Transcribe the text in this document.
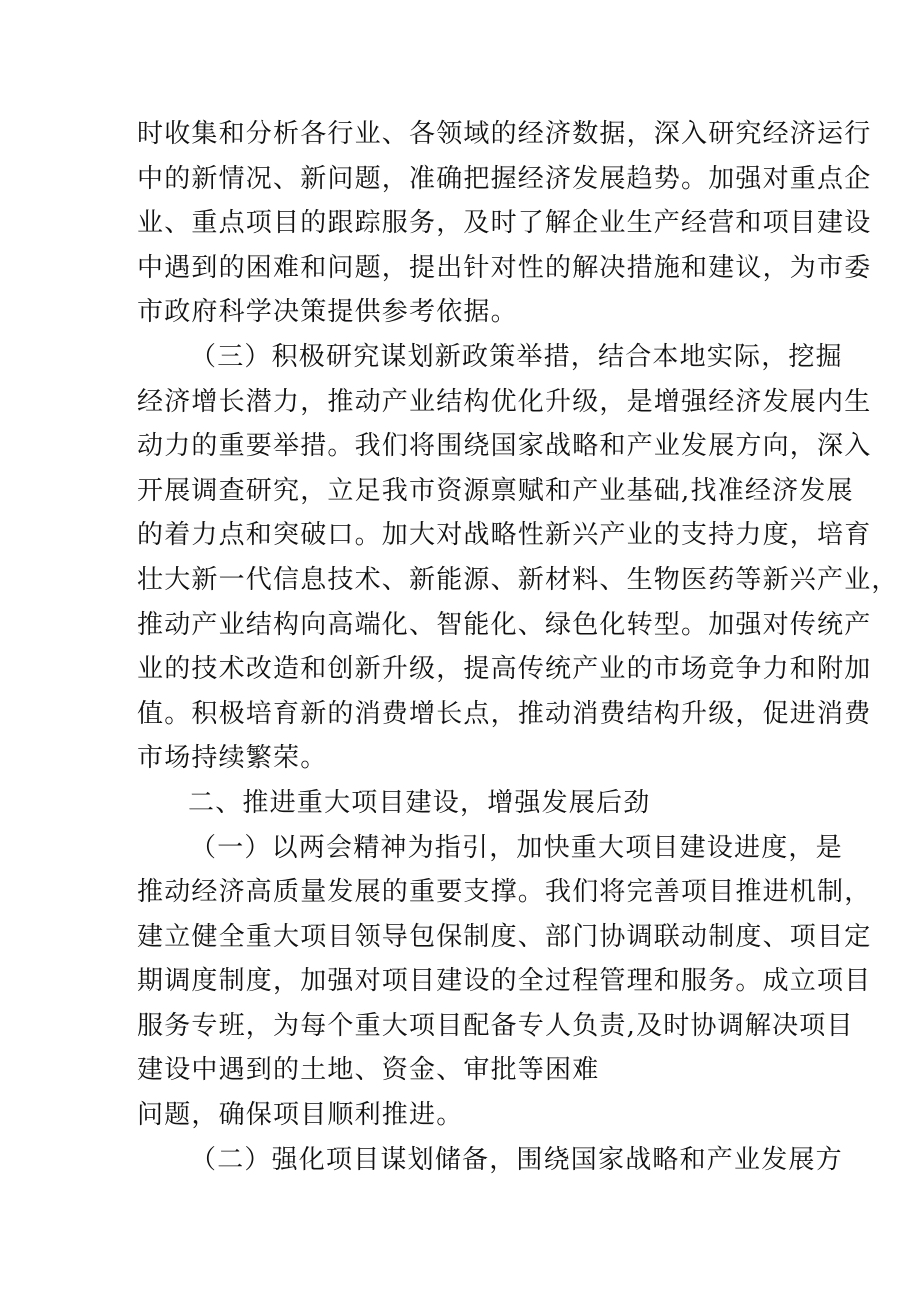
时收集和分析各行业、各领域的经济数据，深入研究经济运行
中的新情况、新问题，准确把握经济发展趋势。加强对重点企
业、重点项目的跟踪服务，及时了解企业生产经营和项目建设
中遇到的困难和问题，提出针对性的解决措施和建议，为市委
市政府科学决策提供参考依据。
（三）积极研究谋划新政策举措，结合本地实际，挖掘
经济增长潜力，推动产业结构优化升级，是增强经济发展内生
动力的重要举措。我们将围绕国家战略和产业发展方向，深入
开展调查研究，立足我市资源禀赋和产业基础,找准经济发展
的着力点和突破口。加大对战略性新兴产业的支持力度，培育
壮大新一代信息技术、新能源、新材料、生物医药等新兴产业，
推动产业结构向高端化、智能化、绿色化转型。加强对传统产
业的技术改造和创新升级，提高传统产业的市场竞争力和附加
值。积极培育新的消费增长点，推动消费结构升级，促进消费
市场持续繁荣。
二、推进重大项目建设，增强发展后劲
（一）以两会精神为指引，加快重大项目建设进度，是
推动经济高质量发展的重要支撑。我们将完善项目推进机制，
建立健全重大项目领导包保制度、部门协调联动制度、项目定
期调度制度，加强对项目建设的全过程管理和服务。成立项目
服务专班，为每个重大项目配备专人负责,及时协调解决项目
建设中遇到的土地、资金、审批等困难
问题，确保项目顺利推进。
（二）强化项目谋划储备，围绕国家战略和产业发展方
